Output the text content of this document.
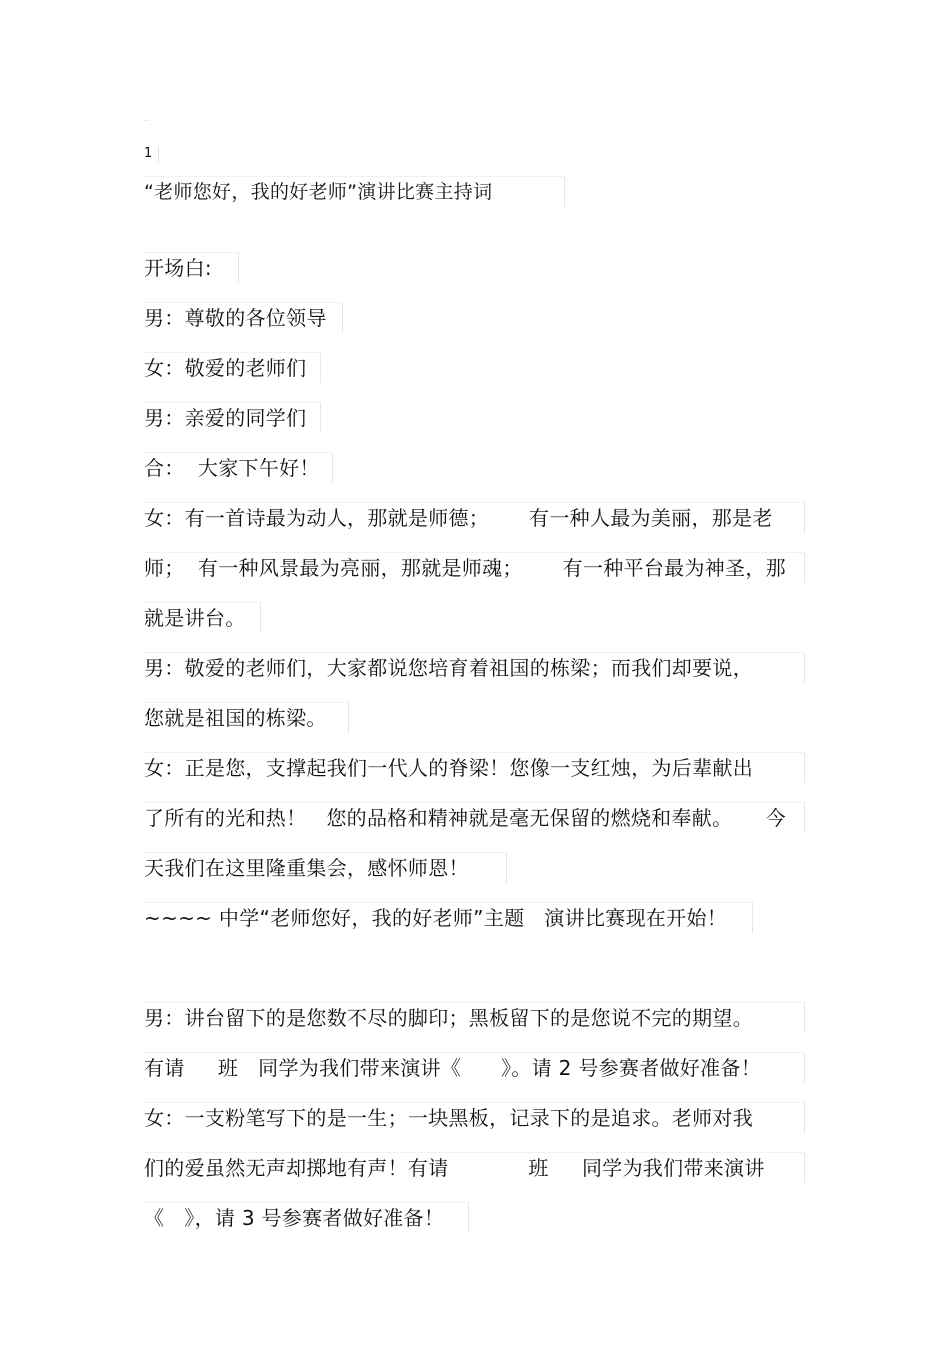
1
“老师您好，我的好老师”演讲比赛主持词
开场白:
男：尊敬的各位领导
女：敬爱的老师们
男：亲爱的同学们
合：  大家下午好！
女：有一首诗最为动人，那就是师德；      有一种人最为美丽，那是老
师；  有一种风景最为亮丽，那就是师魂；      有一种平台最为神圣，那
就是讲台。
男：敬爱的老师们，大家都说您培育着祖国的栋梁；而我们却要说，
您就是祖国的栋梁。
女：正是您，支撑起我们一代人的脊梁！您像一支红烛，为后辈献出
了所有的光和热！   您的品格和精神就是毫无保留的燃烧和奉献。     今
天我们在这里隆重集会，感怀师恩！
~~~~ 中学“老师您好，我的好老师”主题   演讲比赛现在开始！
男：讲台留下的是您数不尽的脚印；黑板留下的是您说不完的期望。
有请     班   同学为我们带来演讲《      》。请 2 号参赛者做好准备！
女：一支粉笔写下的是一生；一块黑板，记录下的是追求。老师对我
们的爱虽然无声却掷地有声！有请            班     同学为我们带来演讲
《   》，请 3 号参赛者做好准备！
